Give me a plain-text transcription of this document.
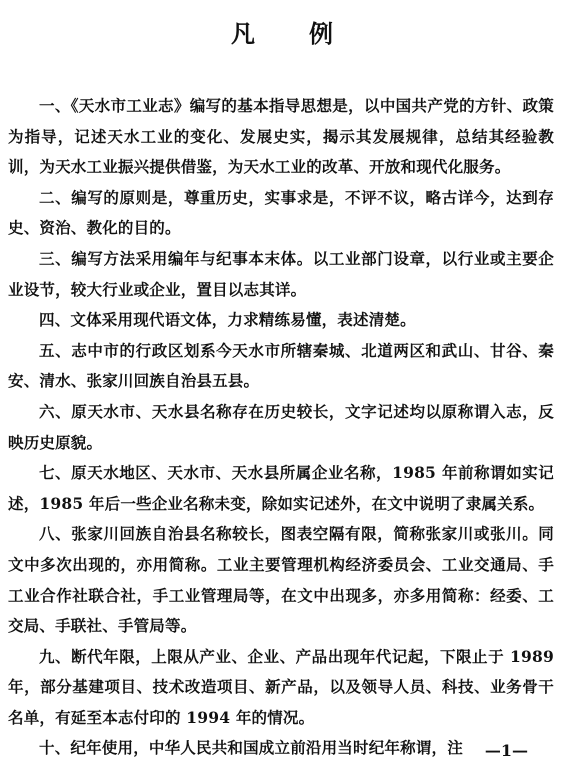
凡 例

一、《天水市工业志》编写的基本指导思想是，以中国共产党的方针、政策为指导，记述天水工业的变化、发展史实，揭示其发展规律，总结其经验教训，为天水工业振兴提供借鉴，为天水工业的改革、开放和现代化服务。

二、编写的原则是，尊重历史，实事求是，不评不议，略古详今，达到存史、资治、教化的目的。

三、编写方法采用编年与纪事本末体。以工业部门设章，以行业或主要企业设节，较大行业或企业，置目以志其详。

四、文体采用现代语文体，力求精练易懂，表述清楚。

五、志中市的行政区划系今天水市所辖秦城、北道两区和武山、甘谷、秦安、清水、张家川回族自治县五县。

六、原天水市、天水县名称存在历史较长，文字记述均以原称谓入志，反映历史原貌。

七、原天水地区、天水市、天水县所属企业名称，1985 年前称谓如实记述，1985 年后一些企业名称未变，除如实记述外，在文中说明了隶属关系。

八、张家川回族自治县名称较长，图表空隔有限，简称张家川或张川。同文中多次出现的，亦用简称。工业主要管理机构经济委员会、工业交通局、手工业合作社联合社，手工业管理局等，在文中出现多，亦多用简称：经委、工交局、手联社、手管局等。

九、断代年限，上限从产业、企业、产品出现年代记起，下限止于 1989 年，部分基建项目、技术改造项目、新产品，以及领导人员、科技、业务骨干名单，有延至本志付印的 1994 年的情况。

十、纪年使用，中华人民共和国成立前沿用当时纪年称谓，注	—1—
